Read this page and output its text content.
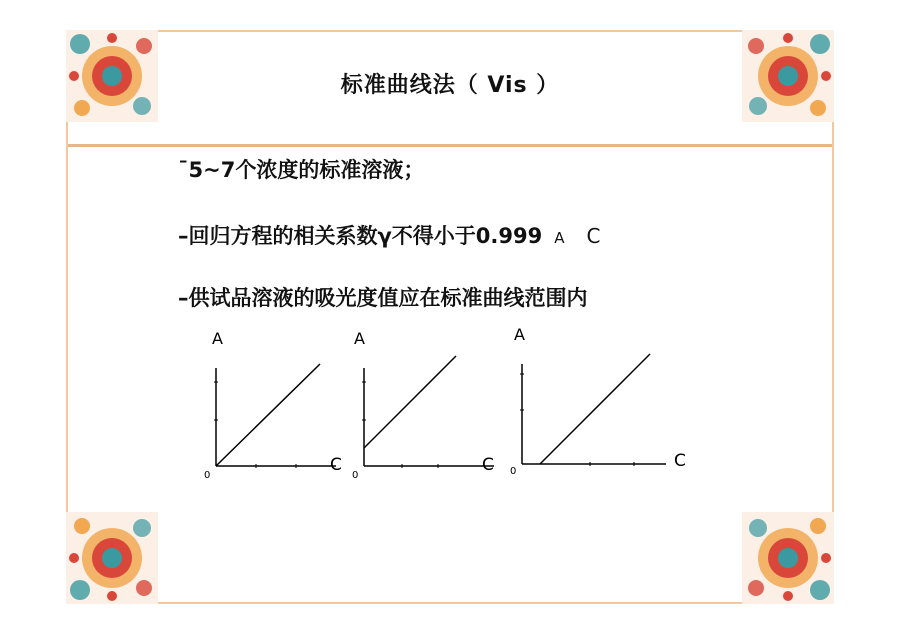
标准曲线法（ Vis ）
¯5~7个浓度的标准溶液；
–回归方程的相关系数γ不得小于0.999 A C
–供试品溶液的吸光度值应在标准曲线范围内
A
0
C
A
0
C
A
0
C
